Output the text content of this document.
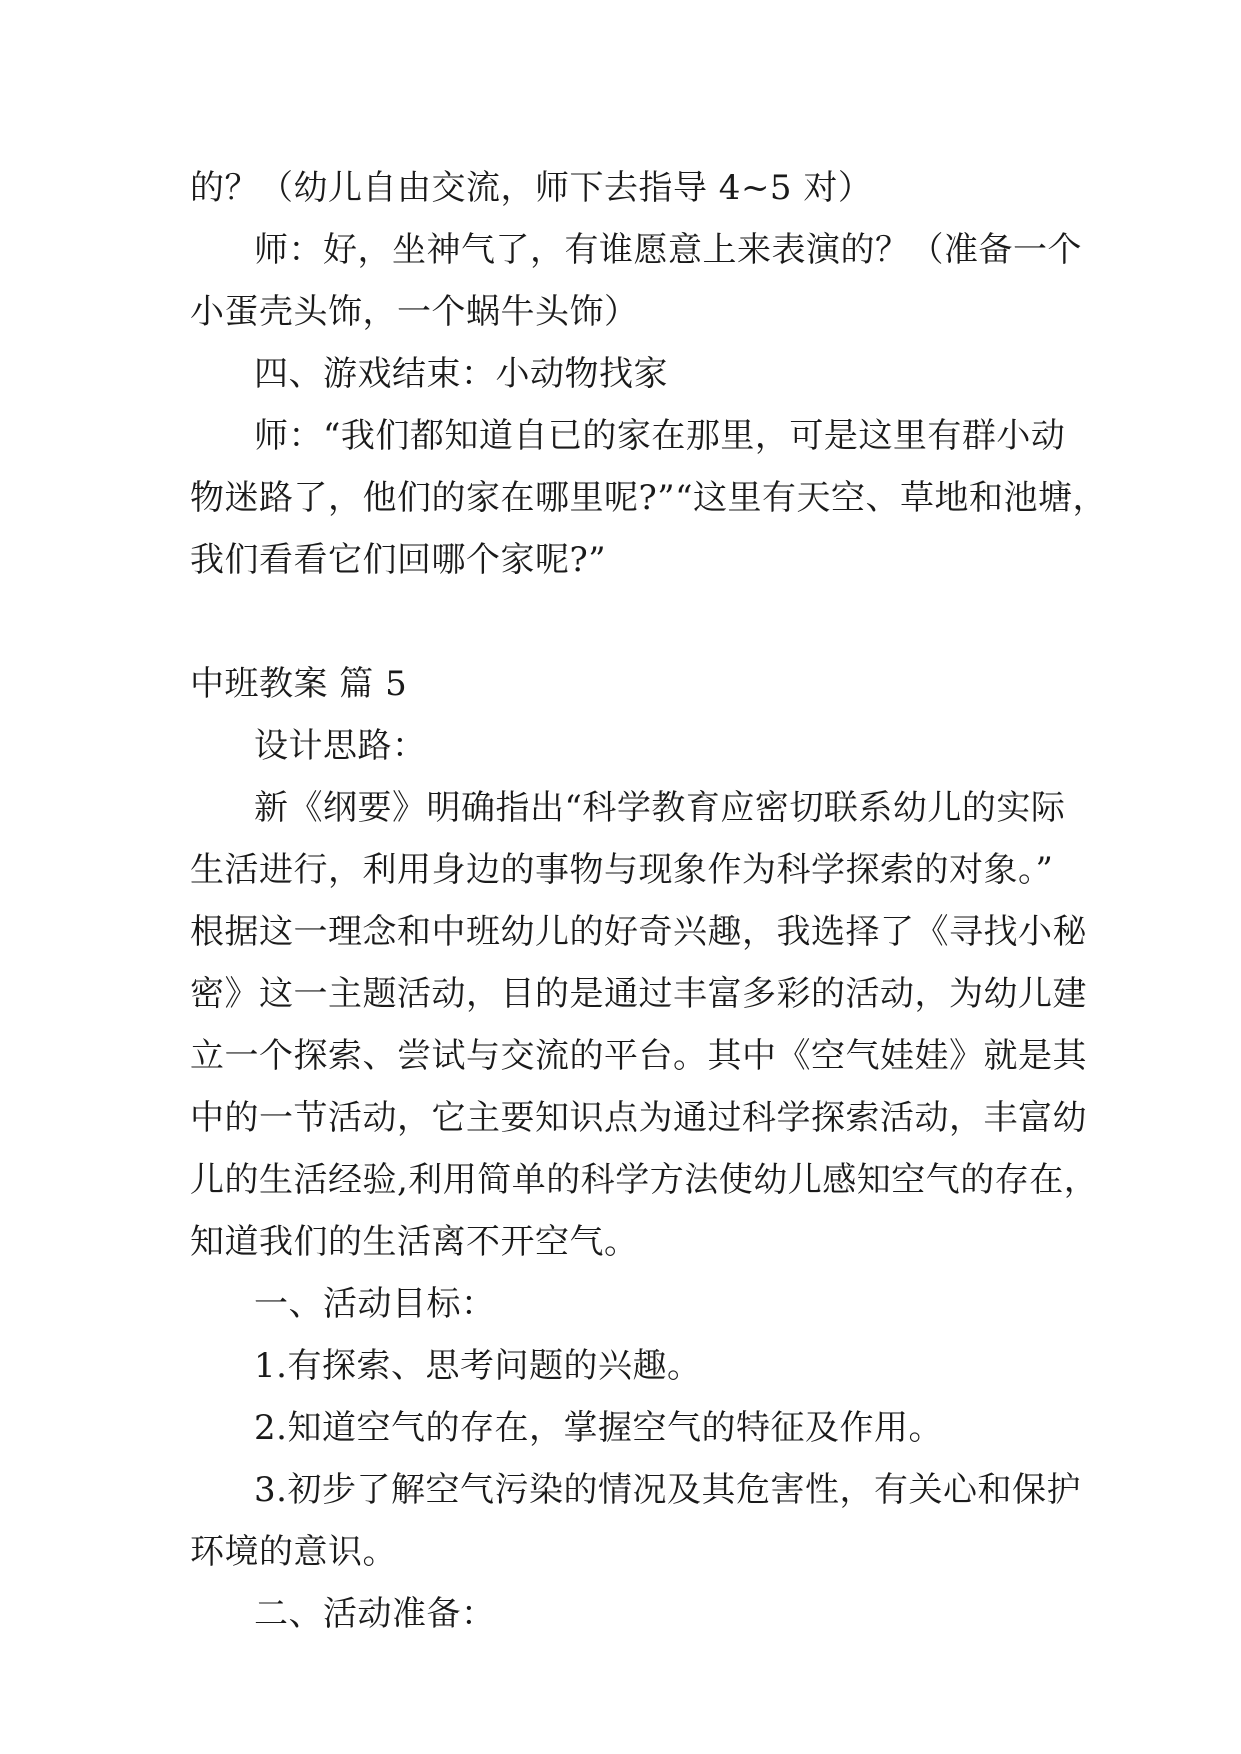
的？（幼儿自由交流，师下去指导 4~5 对）
师：好，坐神气了，有谁愿意上来表演的？（准备一个
小蛋壳头饰，一个蜗牛头饰）
四、游戏结束：小动物找家
师：“我们都知道自已的家在那里，可是这里有群小动
物迷路了，他们的家在哪里呢?”“这里有天空、草地和池塘，
我们看看它们回哪个家呢?”
中班教案 篇 5
设计思路：
新《纲要》明确指出“科学教育应密切联系幼儿的实际
生活进行，利用身边的事物与现象作为科学探索的对象。”
根据这一理念和中班幼儿的好奇兴趣，我选择了《寻找小秘
密》这一主题活动，目的是通过丰富多彩的活动，为幼儿建
立一个探索、尝试与交流的平台。其中《空气娃娃》就是其
中的一节活动，它主要知识点为通过科学探索活动，丰富幼
儿的生活经验,利用简单的科学方法使幼儿感知空气的存在，
知道我们的生活离不开空气。
一、活动目标：
1.有探索、思考问题的兴趣。
2.知道空气的存在，掌握空气的特征及作用。
3.初步了解空气污染的情况及其危害性，有关心和保护
环境的意识。
二、活动准备：
